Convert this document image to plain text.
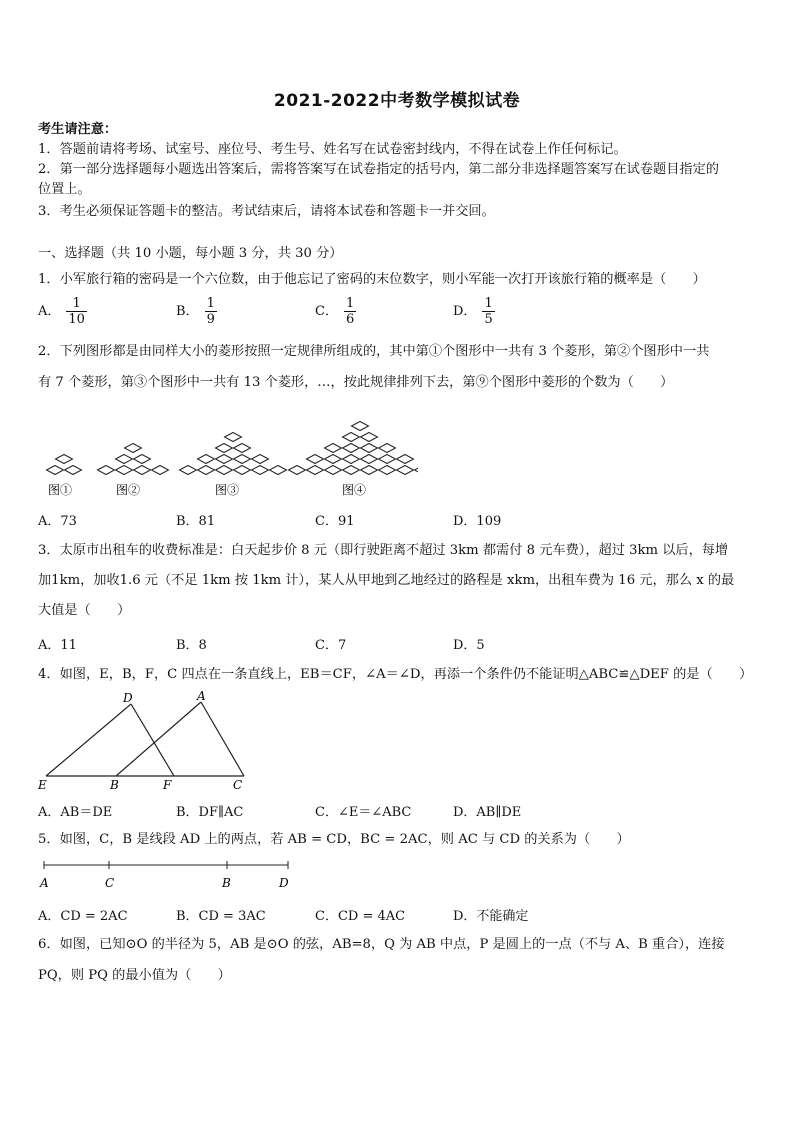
2021-2022中考数学模拟试卷
考生请注意：
1．答题前请将考场、试室号、座位号、考生号、姓名写在试卷密封线内，不得在试卷上作任何标记。
2．第一部分选择题每小题选出答案后，需将答案写在试卷指定的括号内，第二部分非选择题答案写在试卷题目指定的
位置上。
3．考生必须保证答题卡的整洁。考试结束后，请将本试卷和答题卡一并交回。
一、选择题（共 10 小题，每小题 3 分，共 30 分）
1．小军旅行箱的密码是一个六位数，由于他忘记了密码的末位数字，则小军能一次打开该旅行箱的概率是（　　）
A． $\frac{1}{10}$	B． $\frac{1}{9}$	C． $\frac{1}{6}$	D． $\frac{1}{5}$
2．下列图形都是由同样大小的菱形按照一定规律所组成的，其中第①个图形中一共有 3 个菱形，第②个图形中一共
有 7 个菱形，第③个图形中一共有 13 个菱形，…，按此规律排列下去，第⑨个图形中菱形的个数为（　　）
图①	图②	图③	图④
A．73	B．81	C．91	D．109
3．太原市出租车的收费标准是：白天起步价 8 元（即行驶距离不超过 3km 都需付 8 元车费），超过 3km 以后，每增
加1km，加收1.6 元（不足 1km 按 1km 计），某人从甲地到乙地经过的路程是 xkm，出租车费为 16 元，那么 x 的最
大值是（　　）
A．11	B．8	C．7	D．5
4．如图，E，B，F，C 四点在一条直线上，EB＝CF，∠A＝∠D，再添一个条件仍不能证明△ABC≌△DEF 的是（　　）
D	A
E	B	F	C
A．AB＝DE	B．DF∥AC	C．∠E＝∠ABC	D．AB∥DE
5．如图，C，B 是线段 AD 上的两点，若 AB = CD，BC = 2AC，则 AC 与 CD 的关系为（　　）
A	C	B	D
A．CD = 2AC	B．CD = 3AC	C．CD = 4AC	D．不能确定
6．如图，已知⊙O 的半径为 5，AB 是⊙O 的弦，AB=8，Q 为 AB 中点，P 是圆上的一点（不与 A、B 重合），连接
PQ，则 PQ 的最小值为（　　）
